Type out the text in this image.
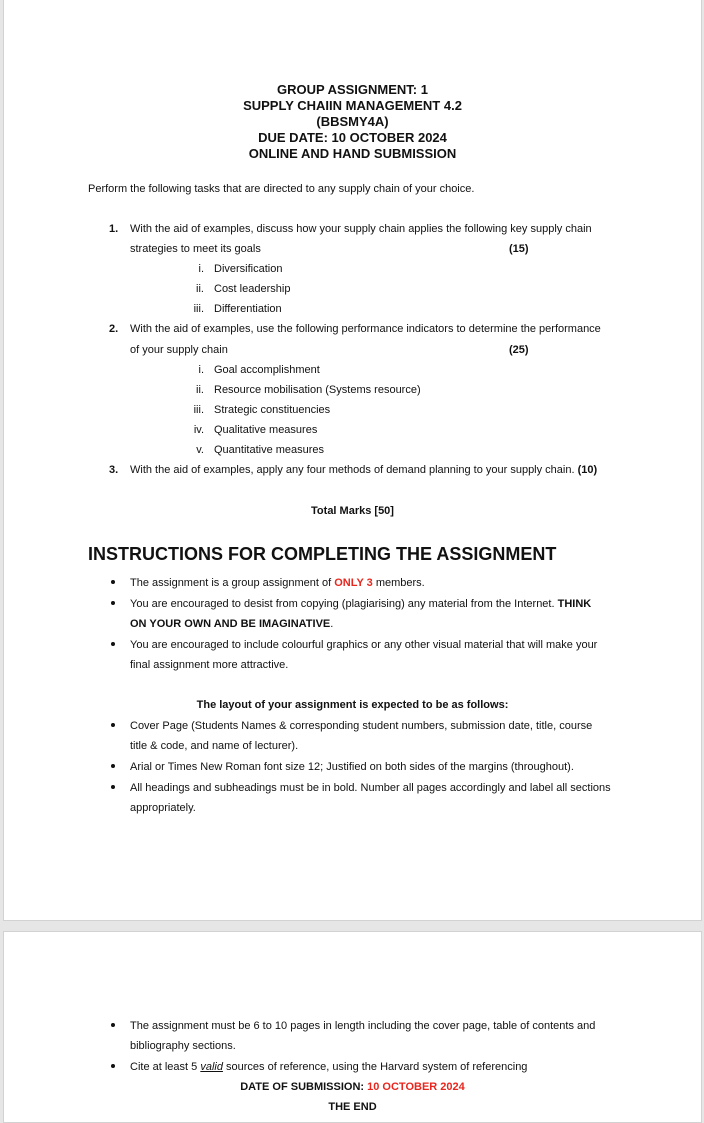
GROUP ASSIGNMENT: 1
SUPPLY CHAIIN MANAGEMENT 4.2
(BBSMY4A)
DUE DATE: 10 OCTOBER 2024
ONLINE AND HAND SUBMISSION
Perform the following tasks that are directed to any supply chain of your choice.
1. With the aid of examples, discuss how your supply chain applies the following key supply chain
strategies to meet its goals	(15)
i. Diversification
ii. Cost leadership
iii. Differentiation
2. With the aid of examples, use the following performance indicators to determine the performance
of your supply chain	(25)
i. Goal accomplishment
ii. Resource mobilisation (Systems resource)
iii. Strategic constituencies
iv. Qualitative measures
v. Quantitative measures
3. With the aid of examples, apply any four methods of demand planning to your supply chain. (10)
Total Marks [50]
INSTRUCTIONS FOR COMPLETING THE ASSIGNMENT
The assignment is a group assignment of ONLY 3 members.
You are encouraged to desist from copying (plagiarising) any material from the Internet. THINK
ON YOUR OWN AND BE IMAGINATIVE.
You are encouraged to include colourful graphics or any other visual material that will make your
final assignment more attractive.
The layout of your assignment is expected to be as follows:
Cover Page (Students Names & corresponding student numbers, submission date, title, course
title & code, and name of lecturer).
Arial or Times New Roman font size 12; Justified on both sides of the margins (throughout).
All headings and subheadings must be in bold. Number all pages accordingly and label all sections
appropriately.
The assignment must be 6 to 10 pages in length including the cover page, table of contents and
bibliography sections.
Cite at least 5 valid sources of reference, using the Harvard system of referencing
DATE OF SUBMISSION: 10 OCTOBER 2024
THE END
